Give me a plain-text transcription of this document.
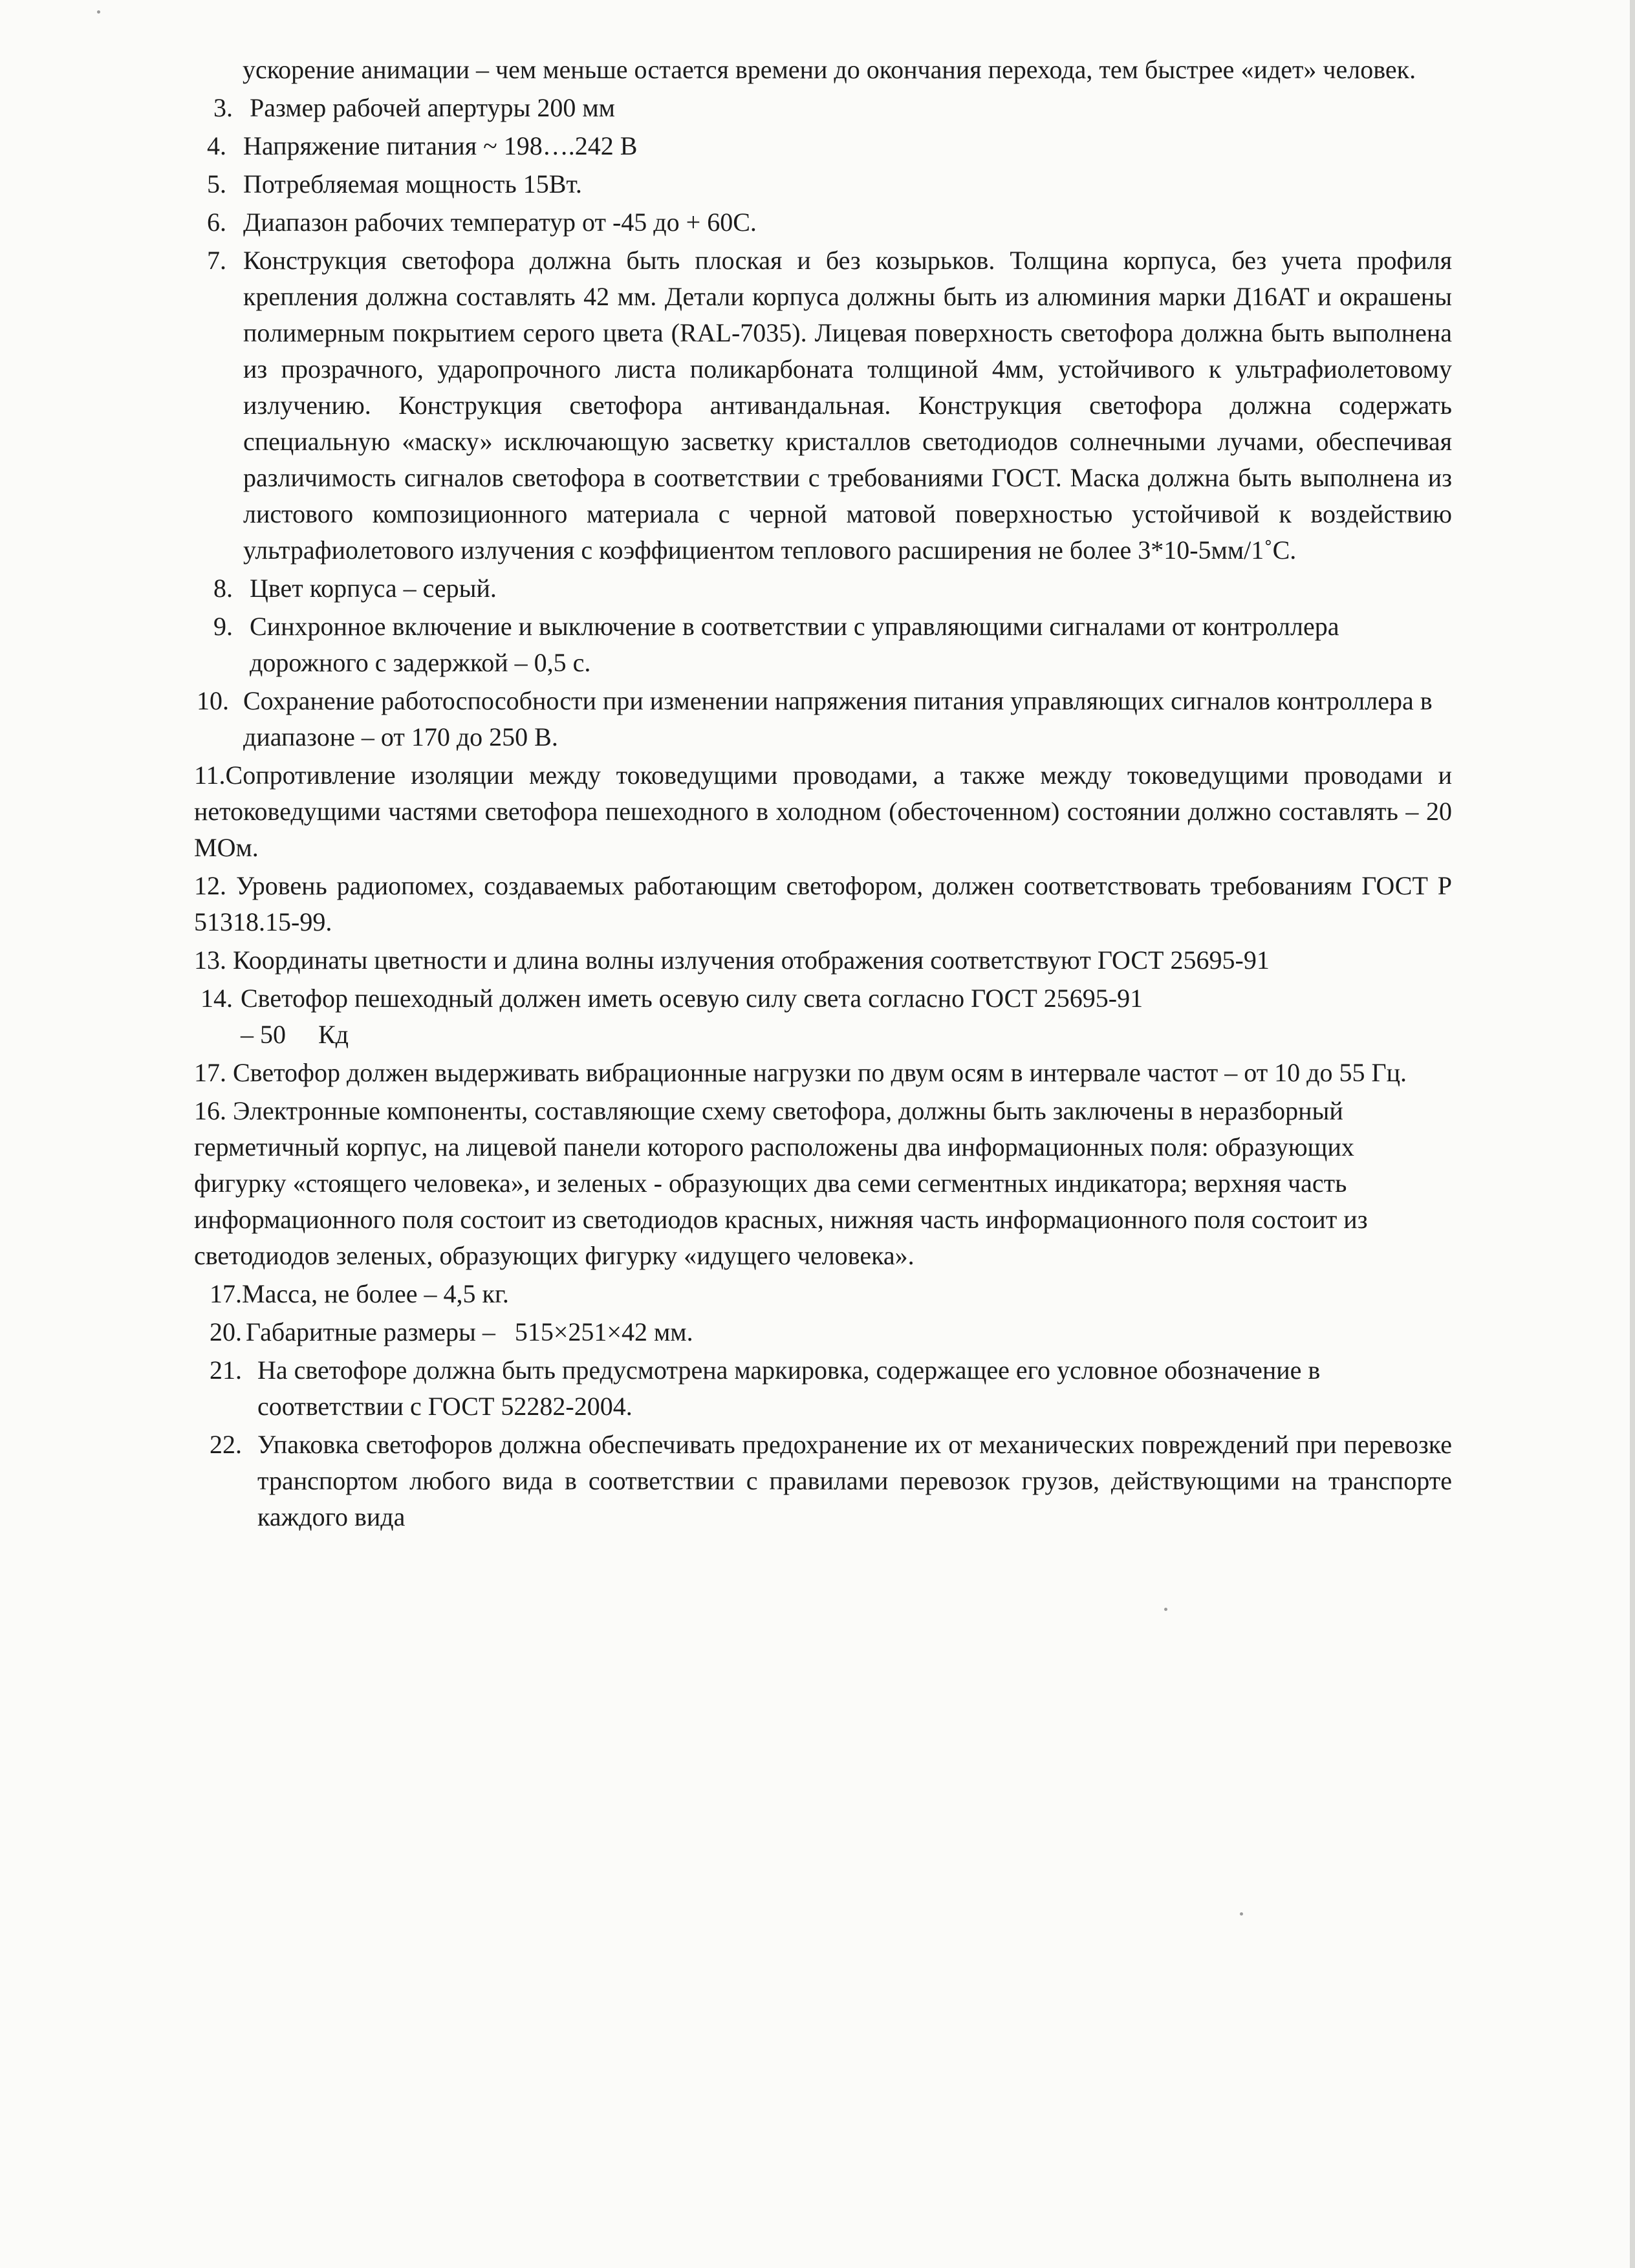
ускорение анимации – чем меньше остается времени до окончания перехода, тем быстрее «идет» человек.

3. Размер рабочей апертуры 200 мм

4. Напряжение питания ~ 198….242 В

5. Потребляемая мощность 15Вт.

6. Диапазон рабочих температур от -45 до + 60С.

7. Конструкция светофора должна быть плоская и без козырьков. Толщина корпуса, без учета профиля крепления должна составлять 42 мм. Детали корпуса должны быть из алюминия марки Д16АТ и окрашены полимерным покрытием серого цвета (RAL-7035). Лицевая поверхность светофора должна быть выполнена из прозрачного, ударопрочного листа поликарбоната толщиной 4мм, устойчивого к ультрафиолетовому излучению. Конструкция светофора антивандальная. Конструкция светофора должна содержать специальную «маску» исключающую засветку кристаллов светодиодов солнечными лучами, обеспечивая различимость сигналов светофора в соответствии с требованиями ГОСТ. Маска должна быть выполнена из листового композиционного материала с черной матовой поверхностью устойчивой к воздействию ультрафиолетового излучения с коэффициентом теплового расширения не более 3*10-5мм/1˚С.

8. Цвет корпуса – серый.

9. Синхронное включение и выключение в соответствии с управляющими сигналами от контроллера дорожного с задержкой – 0,5 с.

10. Сохранение работоспособности при изменении напряжения питания управляющих сигналов контроллера в диапазоне – от 170 до 250 В.

11.Сопротивление изоляции между токоведущими проводами, а также между токоведущими проводами и нетоковедущими частями светофора пешеходного в холодном (обесточенном) состоянии должно составлять – 20 МОм.

12. Уровень радиопомех, создаваемых работающим светофором, должен соответствовать требованиям ГОСТ Р 51318.15-99.

13. Координаты цветности и длина волны излучения отображения соответствуют ГОСТ 25695-91

14. Светофор пешеходный должен иметь осевую силу света согласно ГОСТ 25695-91
– 50     Кд

17. Светофор должен выдерживать вибрационные нагрузки по двум осям в интервале частот – от 10 до 55 Гц.

16. Электронные компоненты, составляющие схему светофора, должны быть заключены в неразборный герметичный корпус, на лицевой панели которого расположены два информационных поля: образующих фигурку «стоящего человека», и зеленых - образующих два семи сегментных индикатора; верхняя часть информационного поля состоит из светодиодов красных, нижняя часть информационного поля состоит из светодиодов зеленых, образующих фигурку «идущего человека».

17.Масса, не более – 4,5 кг.

20. Габаритные размеры –   515×251×42 мм.

21. На светофоре должна быть предусмотрена маркировка, содержащее его условное обозначение в соответствии с ГОСТ 52282-2004.

22. Упаковка светофоров должна обеспечивать предохранение их от механических повреждений при перевозке транспортом любого вида в соответствии с правилами перевозок грузов, действующими на транспорте каждого вида
